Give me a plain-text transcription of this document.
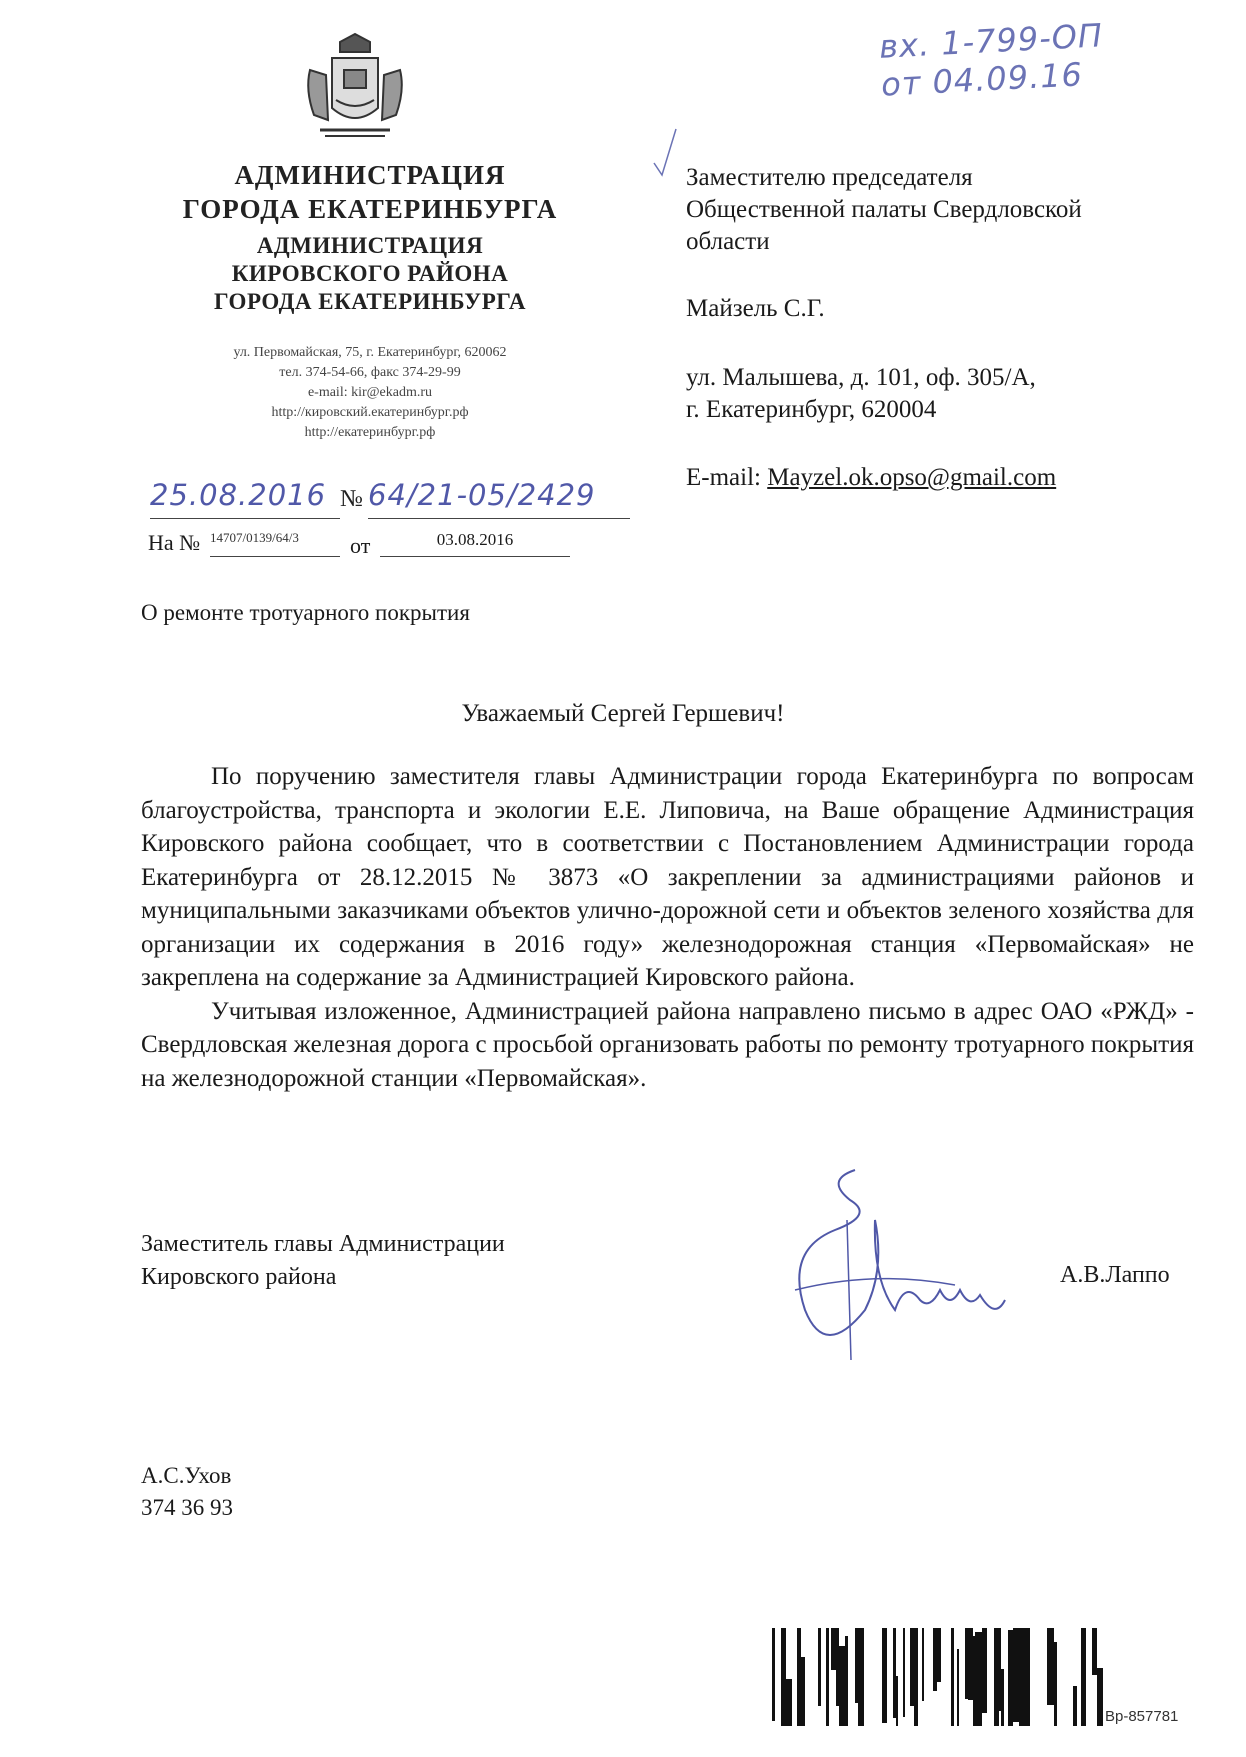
АДМИНИСТРАЦИЯ
ГОРОДА ЕКАТЕРИНБУРГА
АДМИНИСТРАЦИЯ
КИРОВСКОГО РАЙОНА
ГОРОДА ЕКАТЕРИНБУРГА
ул. Первомайская, 75, г. Екатеринбург, 620062
тел. 374-54-66, факс 374-29-99
e-mail: kir@ekadm.ru
http://кировский.екатеринбург.рф
http://екатеринбург.рф
25.08.2016 № 64/21-05/2429
На № 14707/0139/64/3	от	03.08.2016
О ремонте тротуарного покрытия
вх. 1-799-ОП
от 04.09.16
Заместителю председателя
Общественной палаты Свердловской
области
Майзель С.Г.
ул. Малышева, д. 101, оф. 305/А,
г. Екатеринбург, 620004
E-mail: Mayzel.ok.opso@gmail.com
Уважаемый Сергей Гершевич!

По поручению заместителя главы Администрации города Екатеринбурга по вопросам благоустройства, транспорта и экологии Е.Е. Липовича, на Ваше обращение Администрация Кировского района сообщает, что в соответствии с Постановлением Администрации города Екатеринбурга от 28.12.2015 № 3873 «О закреплении за администрациями районов и муниципальными заказчиками объектов улично-дорожной сети и объектов зеленого хозяйства для организации их содержания в 2016 году» железнодорожная станция «Первомайская» не закреплена на содержание за Администрацией Кировского района.

Учитывая изложенное, Администрацией района направлено письмо в адрес ОАО «РЖД» - Свердловская железная дорога с просьбой организовать работы по ремонту тротуарного покрытия на железнодорожной станции «Первомайская».

Заместитель главы Администрации
Кировского района	А.В.Лаппо
А.С.Ухов
374 36 93
Вр-857781
